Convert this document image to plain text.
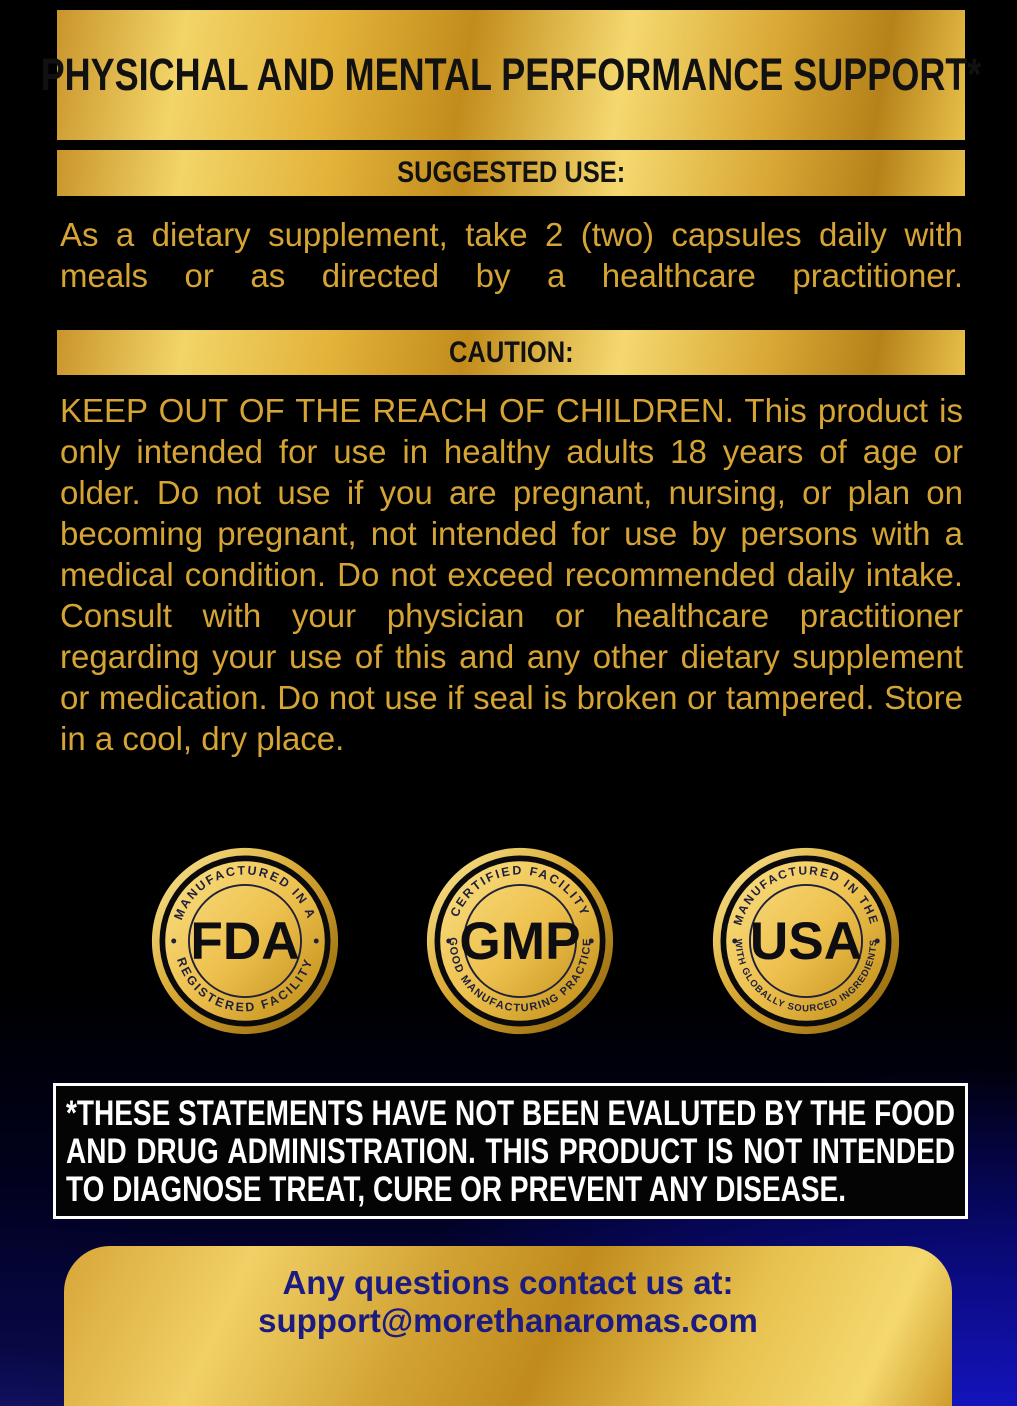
PHYSICHAL AND MENTAL PERFORMANCE SUPPORT*
SUGGESTED USE:
As a dietary supplement, take 2 (two) capsules daily with meals or as directed by a healthcare practitioner.
CAUTION:
KEEP OUT OF THE REACH OF CHILDREN. This product is only intended for use in healthy adults 18 years of age or older. Do not use if you are pregnant, nursing, or plan on becoming pregnant, not intended for use by persons with a medical condition. Do not exceed recommended daily intake. Consult with your physician or healthcare practitioner regarding your use of this and any other dietary supplement or medication. Do not use if seal is broken or tampered. Store in a cool, dry place.
MANUFACTURED IN A
FDA
REGISTERED FACILITY
CERTIFIED FACILITY
GMP
GOOD MANUFACTURING PRACTICE
MANUFACTURED IN THE
USA
WITH GLOBALLY SOURCED INGREDIENTS
*THESE STATEMENTS HAVE NOT BEEN EVALUTED BY THE FOOD AND DRUG ADMINISTRATION. THIS PRODUCT IS NOT INTENDED TO DIAGNOSE TREAT, CURE OR PREVENT ANY DISEASE.
Any questions contact us at:
support@morethanaromas.com
